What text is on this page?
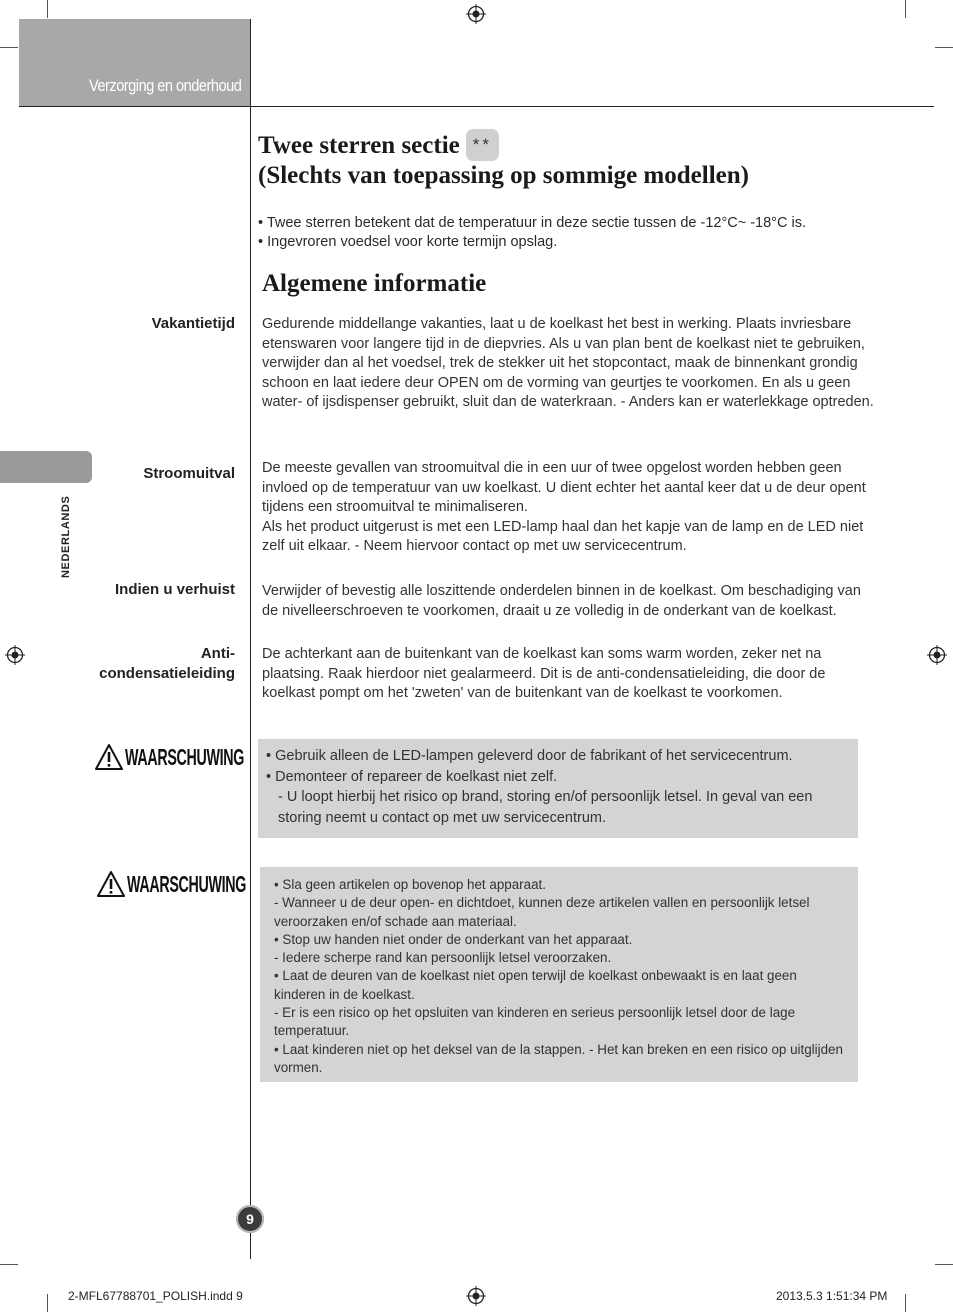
Verzorging en onderhoud
NEDERLANDS
Twee sterren sectie **
(Slechts van toepassing op sommige modellen)
• Twee sterren betekent dat de temperatuur in deze sectie tussen de -12°C~ -18°C is.
• Ingevroren voedsel voor korte termijn opslag.
Algemene informatie
Vakantietijd Gedurende middellange vakanties, laat u de koelkast het best in werking. Plaats invriesbare etenswaren voor langere tijd in de diepvries. Als u van plan bent de koelkast niet te gebruiken, verwijder dan al het voedsel, trek de stekker uit het stopcontact, maak de binnenkant grondig schoon en laat iedere deur OPEN om de vorming van geurtjes te voorkomen. En als u geen water- of ijsdispenser gebruikt, sluit dan de waterkraan. - Anders kan er waterlekkage optreden.
Stroomuitval De meeste gevallen van stroomuitval die in een uur of twee opgelost worden hebben geen invloed op de temperatuur van uw koelkast. U dient echter het aantal keer dat u de deur opent tijdens een stroomuitval te minimaliseren.
Als het product uitgerust is met een LED-lamp haal dan het kapje van de lamp en de LED niet zelf uit elkaar. - Neem hiervoor contact op met uw servicecentrum.
Indien u verhuist Verwijder of bevestig alle loszittende onderdelen binnen in de koelkast. Om beschadiging van de nivelleerschroeven te voorkomen, draait u ze volledig in de onderkant van de koelkast.
Anti-
condensatieleiding
De achterkant aan de buitenkant van de koelkast kan soms warm worden, zeker net na plaatsing. Raak hierdoor niet gealarmeerd. Dit is de anti-condensatieleiding, die door de koelkast pompt om het 'zweten' van de buitenkant van de koelkast te voorkomen.
WAARSCHUWING • Gebruik alleen de LED-lampen geleverd door de fabrikant of het servicecentrum.
• Demonteer of repareer de koelkast niet zelf.
- U loopt hierbij het risico op brand, storing en/of persoonlijk letsel. In geval van een storing neemt u contact op met uw servicecentrum.
WAARSCHUWING • Sla geen artikelen op bovenop het apparaat.
- Wanneer u de deur open- en dichtdoet, kunnen deze artikelen vallen en persoonlijk letsel veroorzaken en/of schade aan materiaal.
• Stop uw handen niet onder de onderkant van het apparaat.
- Iedere scherpe rand kan persoonlijk letsel veroorzaken.
• Laat de deuren van de koelkast niet open terwijl de koelkast onbewaakt is en laat geen kinderen in de koelkast.
- Er is een risico op het opsluiten van kinderen en serieus persoonlijk letsel door de lage temperatuur.
• Laat kinderen niet op het deksel van de la stappen. - Het kan breken en een risico op uitglijden vormen.
9
2-MFL67788701_POLISH.indd 9	2013.5.3 1:51:34 PM
